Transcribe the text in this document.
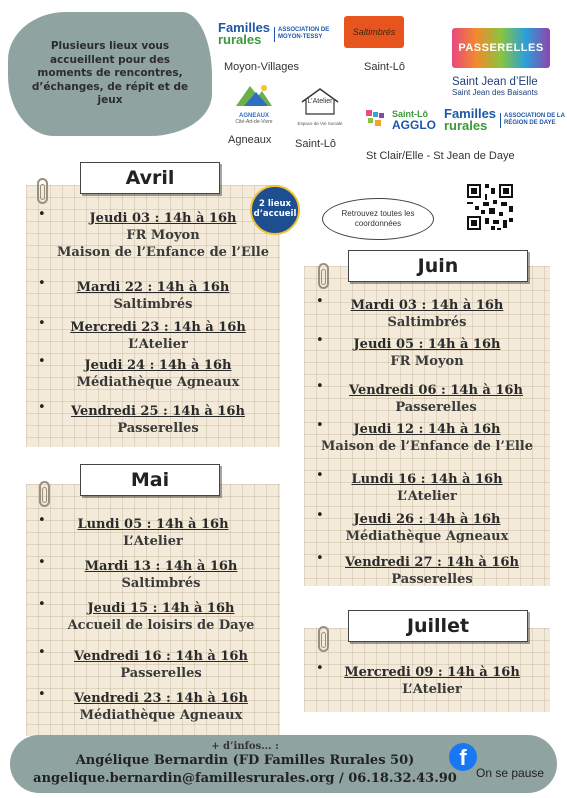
Plusieurs lieux vous accueillent pour des moments de rencontres, d’échanges, de répit et de jeux

Familles
rurales
ASSOCIATION DE MOYON-TESSY
Moyon-Villages
Saltimbrés
Saint-Lô
PASSERELLES
Saint Jean d’Elle
Saint Jean des Baisants
AGNEAUX
Cité-Art-de-Vivre
Agneaux
L’Atelier
Espace de Vie Sociale
Saint-Lô
Saint-Lô
AGGLO
Familles
rurales
ASSOCIATION DE LA RÉGION DE DAYE
St Clair/Elle - St Jean de Daye
Avril
•	Jeudi 03 : 14h à 16h
FR Moyon
Maison de l’Enfance de l’Elle
•	Mardi 22 : 14h à 16h
Saltimbrés
•	Mercredi 23 : 14h à 16h
L’Atelier
•	Jeudi 24 : 14h à 16h
Médiathèque Agneaux
•	Vendredi 25 : 14h à 16h
Passerelles
2 lieux d’accueil
Mai
•	Lundi 05 : 14h à 16h
L’Atelier
•	Mardi 13 : 14h à 16h
Saltimbrés
•	Jeudi 15 : 14h à 16h
Accueil de loisirs de Daye
•	Vendredi 16 : 14h à 16h
Passerelles
•	Vendredi 23 : 14h à 16h
Médiathèque Agneaux
Retrouvez toutes les coordonnées
Juin
•	Mardi 03 : 14h à 16h
Saltimbrés
•	Jeudi 05 : 14h à 16h
FR Moyon
•	Vendredi 06 : 14h à 16h
Passerelles
•	Jeudi 12 : 14h à 16h
Maison de l’Enfance de l’Elle
•	Lundi 16 : 14h à 16h
L’Atelier
•	Jeudi 26 : 14h à 16h
Médiathèque Agneaux
•	Vendredi 27 : 14h à 16h
Passerelles
Juillet
•	Mercredi 09 : 14h à 16h
L’Atelier
+ d’infos... :
Angélique Bernardin (FD Familles Rurales 50)
angelique.bernardin@famillesrurales.org / 06.18.32.43.90
f
On se pause
